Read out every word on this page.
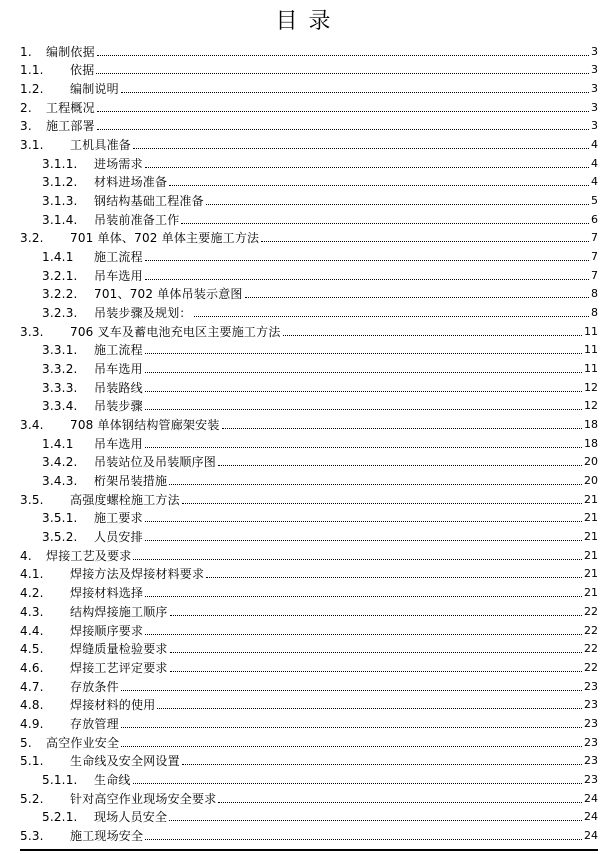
目 录
1.	编制依据	3
1.1.	依据	3
1.2.	编制说明	3
2.	工程概况	3
3.	施工部署	3
3.1.	工机具准备	4
3.1.1.	进场需求	4
3.1.2.	材料进场准备	4
3.1.3.	钢结构基础工程准备	5
3.1.4.	吊装前准备工作	6
3.2.	701 单体、702 单体主要施工方法	7
1.4.1	施工流程	7
3.2.1.	吊车选用	7
3.2.2.	701、702 单体吊装示意图	8
3.2.3.	吊装步骤及规划：	8
3.3.	706 叉车及蓄电池充电区主要施工方法	11
3.3.1.	施工流程	11
3.3.2.	吊车选用	11
3.3.3.	吊装路线	12
3.3.4.	吊装步骤	12
3.4.	708 单体钢结构管廊架安装	18
1.4.1	吊车选用	18
3.4.2.	吊装站位及吊装顺序图	20
3.4.3.	桁架吊装措施	20
3.5.	高强度螺栓施工方法	21
3.5.1.	施工要求	21
3.5.2.	人员安排	21
4.	焊接工艺及要求	21
4.1.	焊接方法及焊接材料要求	21
4.2.	焊接材料选择	21
4.3.	结构焊接施工顺序	22
4.4.	焊接顺序要求	22
4.5.	焊缝质量检验要求	22
4.6.	焊接工艺评定要求	22
4.7.	存放条件	23
4.8.	焊接材料的使用	23
4.9.	存放管理	23
5.	高空作业安全	23
5.1.	生命线及安全网设置	23
5.1.1.	生命线	23
5.2.	针对高空作业现场安全要求	24
5.2.1.	现场人员安全	24
5.3.	施工现场安全	24
